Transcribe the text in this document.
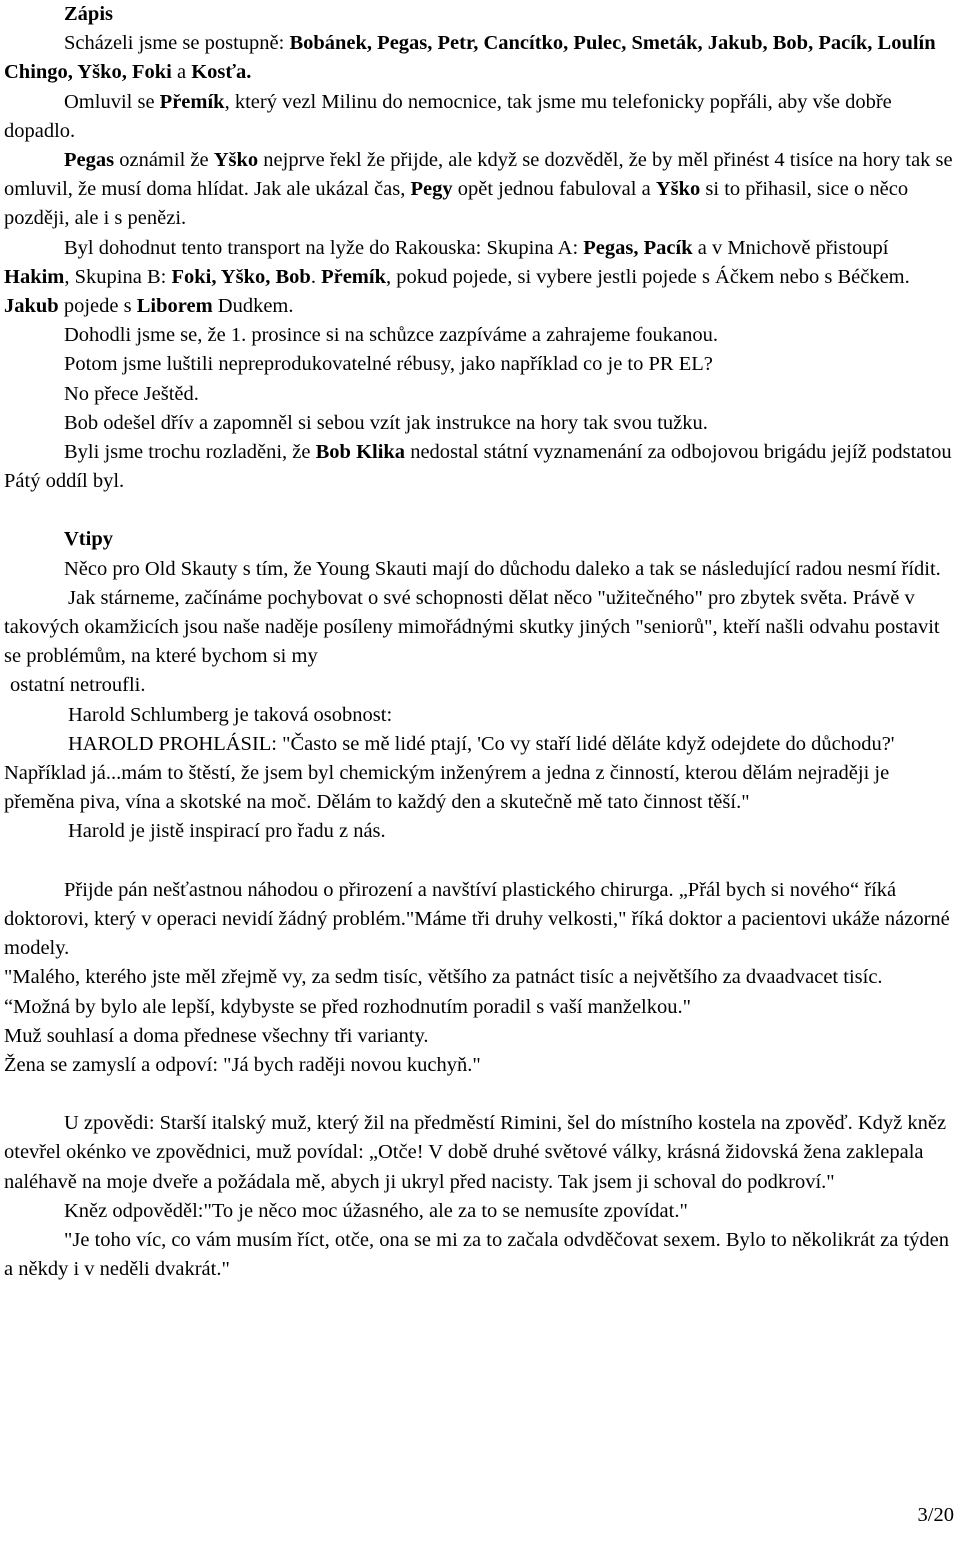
Zápis

Scházeli jsme se postupně: Bobánek, Pegas, Petr, Cancítko, Pulec, Smeták, Jakub, Bob, Pacík, Loulín Chingo, Yško, Foki a Kosťa.

Omluvil se Přemík, který vezl Milinu do nemocnice, tak jsme mu telefonicky popřáli, aby vše dobře dopadlo.

Pegas oznámil že Yško nejprve řekl že přijde, ale když se dozvěděl, že by měl přinést 4 tisíce na hory tak se omluvil, že musí doma hlídat. Jak ale ukázal čas, Pegy opět jednou fabuloval a Yško si to přihasil, sice o něco později, ale i s penězi.

Byl dohodnut tento transport na lyže do Rakouska: Skupina A: Pegas, Pacík a v Mnichově přistoupí Hakim, Skupina B: Foki, Yško, Bob. Přemík, pokud pojede, si vybere jestli pojede s Áčkem nebo s Béčkem. Jakub pojede s Liborem Dudkem.

Dohodli jsme se, že 1. prosince si na schůzce zazpíváme a zahrajeme foukanou.

Potom jsme luštili nepreprodukovatelné rébusy, jako například co je to PR EL?

No přece Ještěd.

Bob odešel dřív a zapomněl si sebou vzít jak instrukce na hory tak svou tužku.

Byli jsme trochu rozladěni, že Bob Klika nedostal státní vyznamenání za odbojovou brigádu jejíž podstatou Pátý oddíl byl.

Vtipy

Něco pro Old Skauty s tím, že Young Skauti mají do důchodu daleko a tak se následující radou nesmí řídit.

Jak stárneme, začínáme pochybovat o své schopnosti dělat něco "užitečného" pro zbytek světa. Právě v takových okamžicích jsou naše naděje posíleny mimořádnými skutky jiných "seniorů", kteří našli odvahu postavit se problémům, na které bychom si my

ostatní netroufli.

Harold Schlumberg je taková osobnost:

HAROLD PROHLÁSIL: "Často se mě lidé ptají, 'Co vy staří lidé děláte když odejdete do důchodu?' Například já...mám to štěstí, že jsem byl chemickým inženýrem a jedna z činností, kterou dělám nejraději je přeměna piva, vína a skotské na moč. Dělám to každý den a skutečně mě tato činnost těší."

Harold je jistě inspirací pro řadu z nás.

Přijde pán nešťastnou náhodou o přirození a navštíví plastického chirurga. „Přál bych si nového“ říká doktorovi, který v operaci nevidí žádný problém."Máme tři druhy velkosti," říká doktor a pacientovi ukáže názorné modely.

"Malého, kterého jste měl zřejmě vy, za sedm tisíc, většího za patnáct tisíc a největšího za dvaadvacet tisíc.

“Možná by bylo ale lepší, kdybyste se před rozhodnutím poradil s vaší manželkou."

Muž souhlasí a doma přednese všechny tři varianty.

Žena se zamyslí a odpoví: "Já bych raději novou kuchyň."

U zpovědi: Starší italský muž, který žil na předměstí Rimini, šel do místního kostela na zpověď. Když kněz otevřel okénko ve zpovědnici, muž povídal: „Otče! V době druhé světové války, krásná židovská žena zaklepala naléhavě na moje dveře a požádala mě, abych ji ukryl před nacisty. Tak jsem ji schoval do podkroví."

Kněz odpověděl:"To je něco moc úžasného, ale za to se nemusíte zpovídat."

"Je toho víc, co vám musím říct, otče, ona se mi za to začala odvděčovat sexem. Bylo to několikrát za týden a někdy i v neděli dvakrát."

3/20
